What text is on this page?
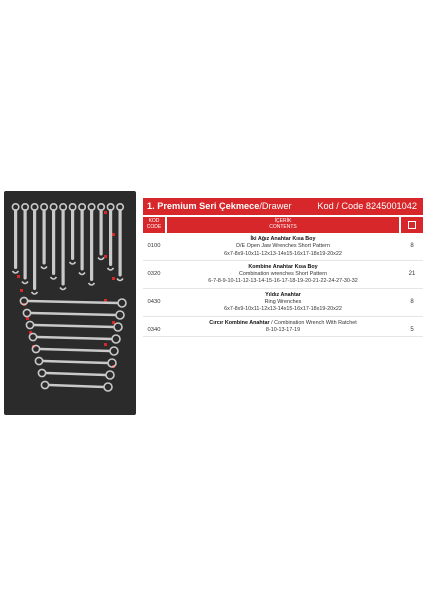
1. Premium Seri Çekmece/Drawer	Kod / Code 8245001042
KOD
CODE
İÇERİK
CONTENTS
0100
İki Ağız Anahtar Kısa Boy
D/E Open Jaw Wrenches Short Pattern
6x7-8x9-10x11-12x13-14x15-16x17-18x19-20x22
8
0320
Kombine Anahtar Kısa Boy
Combination wrenches Short Pattern
6-7-8-9-10-11-12-13-14-15-16-17-18-19-20-21-22-24-27-30-32
21
0430
Yıldız Anahtar
Ring Wrenches
6x7-8x9-10x11-12x13-14x15-16x17-18x19-20x22
8
0340
Cırcır Kombine Anahtar / Combination Wrench With Ratchet
8-10-13-17-19	5
